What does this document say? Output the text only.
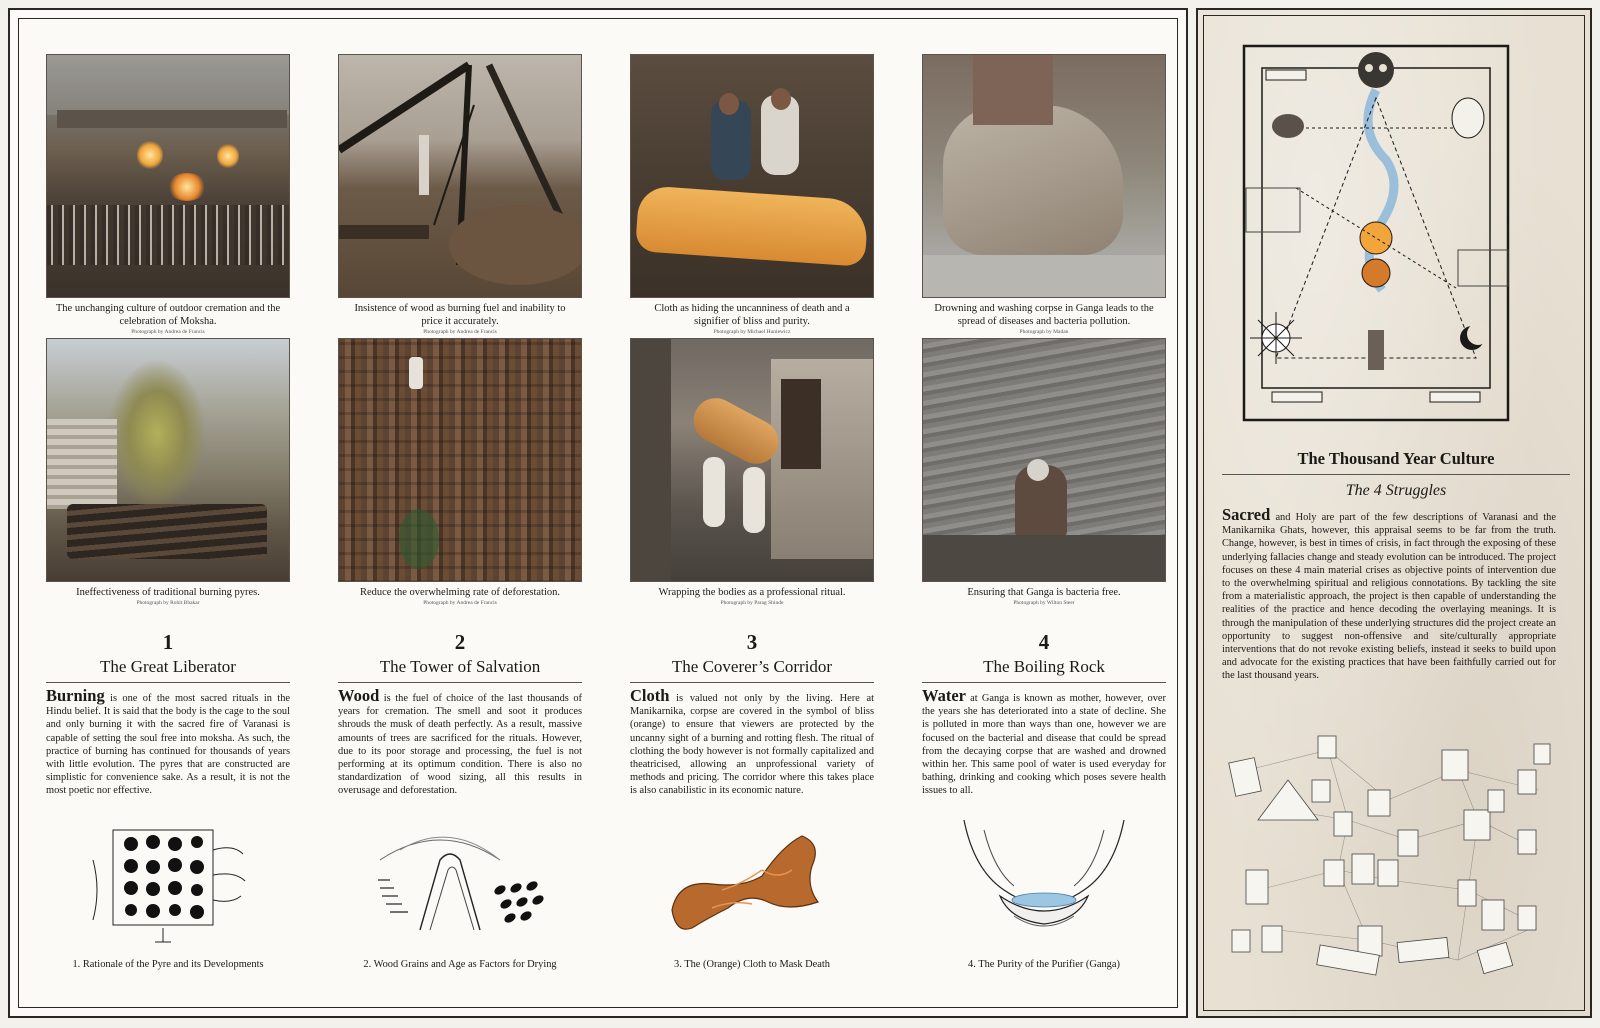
The unchanging culture of outdoor cremation and the celebration of Moksha.
Photograph by Andrea de Francis
Insistence of wood as burning fuel and inability to price it accurately.
Photograph by Andrea de Francis
Cloth as hiding the uncanniness of death and a signifier of bliss and purity.
Photograph by Michael Huniewicz
Drowning and washing corpse in Ganga leads to the spread of diseases and bacteria pollution.
Photograph by Madan
Ineffectiveness of traditional burning pyres.
Photograph by Rohit Bhakar
Reduce the overwhelming rate of deforestation.
Photograph by Andrea de Francis
Wrapping the bodies as a professional ritual.
Photograph by Parag Shinde
Ensuring that Ganga is bacteria free.
Photograph by Wilton Steer
1
The Great Liberator

Burning is one of the most sacred rituals in the Hindu belief. It is said that the body is the cage to the soul and only burning it with the sacred fire of Varanasi is capable of setting the soul free into moksha. As such, the practice of burning has continued for thousands of years with little evolution. The pyres that are constructed are simplistic for convenience sake. As a result, it is not the most poetic nor effective.

2
The Tower of Salvation

Wood is the fuel of choice of the last thousands of years for cremation. The smell and soot it produces shrouds the musk of death perfectly. As a result, massive amounts of trees are sacrificed for the rituals. However, due to its poor storage and processing, the fuel is not performing at its optimum condition. There is also no standardization of wood sizing, all this results in overusage and deforestation.

3
The Coverer’s Corridor

Cloth is valued not only by the living. Here at Manikarnika, corpse are covered in the symbol of bliss (orange) to ensure that viewers are protected by the uncanny sight of a burning and rotting flesh. The ritual of clothing the body however is not formally capitalized and theatricised, allowing an unprofessional variety of methods and pricing. The corridor where this takes place is also canabilistic in its economic nature.

4
The Boiling Rock

Water at Ganga is known as mother, however, over the years she has deteriorated into a state of decline. She is polluted in more than ways than one, however we are focused on the bacterial and disease that could be spread from the decaying corpse that are washed and drowned within her. This same pool of water is used everyday for bathing, drinking and cooking which poses severe health issues to all.

1. Rationale of the Pyre and its Developments	2. Wood Grains and Age as Factors for Drying	3. The (Orange) Cloth to Mask Death	4. The Purity of the Purifier (Ganga)
The Thousand Year Culture
The 4 Struggles

Sacred and Holy are part of the few descriptions of Varanasi and the Manikarnika Ghats, however, this appraisal seems to be far from the truth. Change, however, is best in times of crisis, in fact through the exposing of these underlying fallacies change and steady evolution can be introduced. The project focuses on these 4 main material crises as objective points of intervention due to the overwhelming spiritual and religious connotations. By tackling the site from a materialistic approach, the project is then capable of understanding the realities of the practice and hence decoding the overlaying meanings. It is through the manipulation of these underlying structures did the project create an opportunity to suggest non-offensive and site/culturally appropriate interventions that do not revoke existing beliefs, instead it seeks to build upon and advocate for the existing practices that have been faithfully carried out for the last thousand years.
